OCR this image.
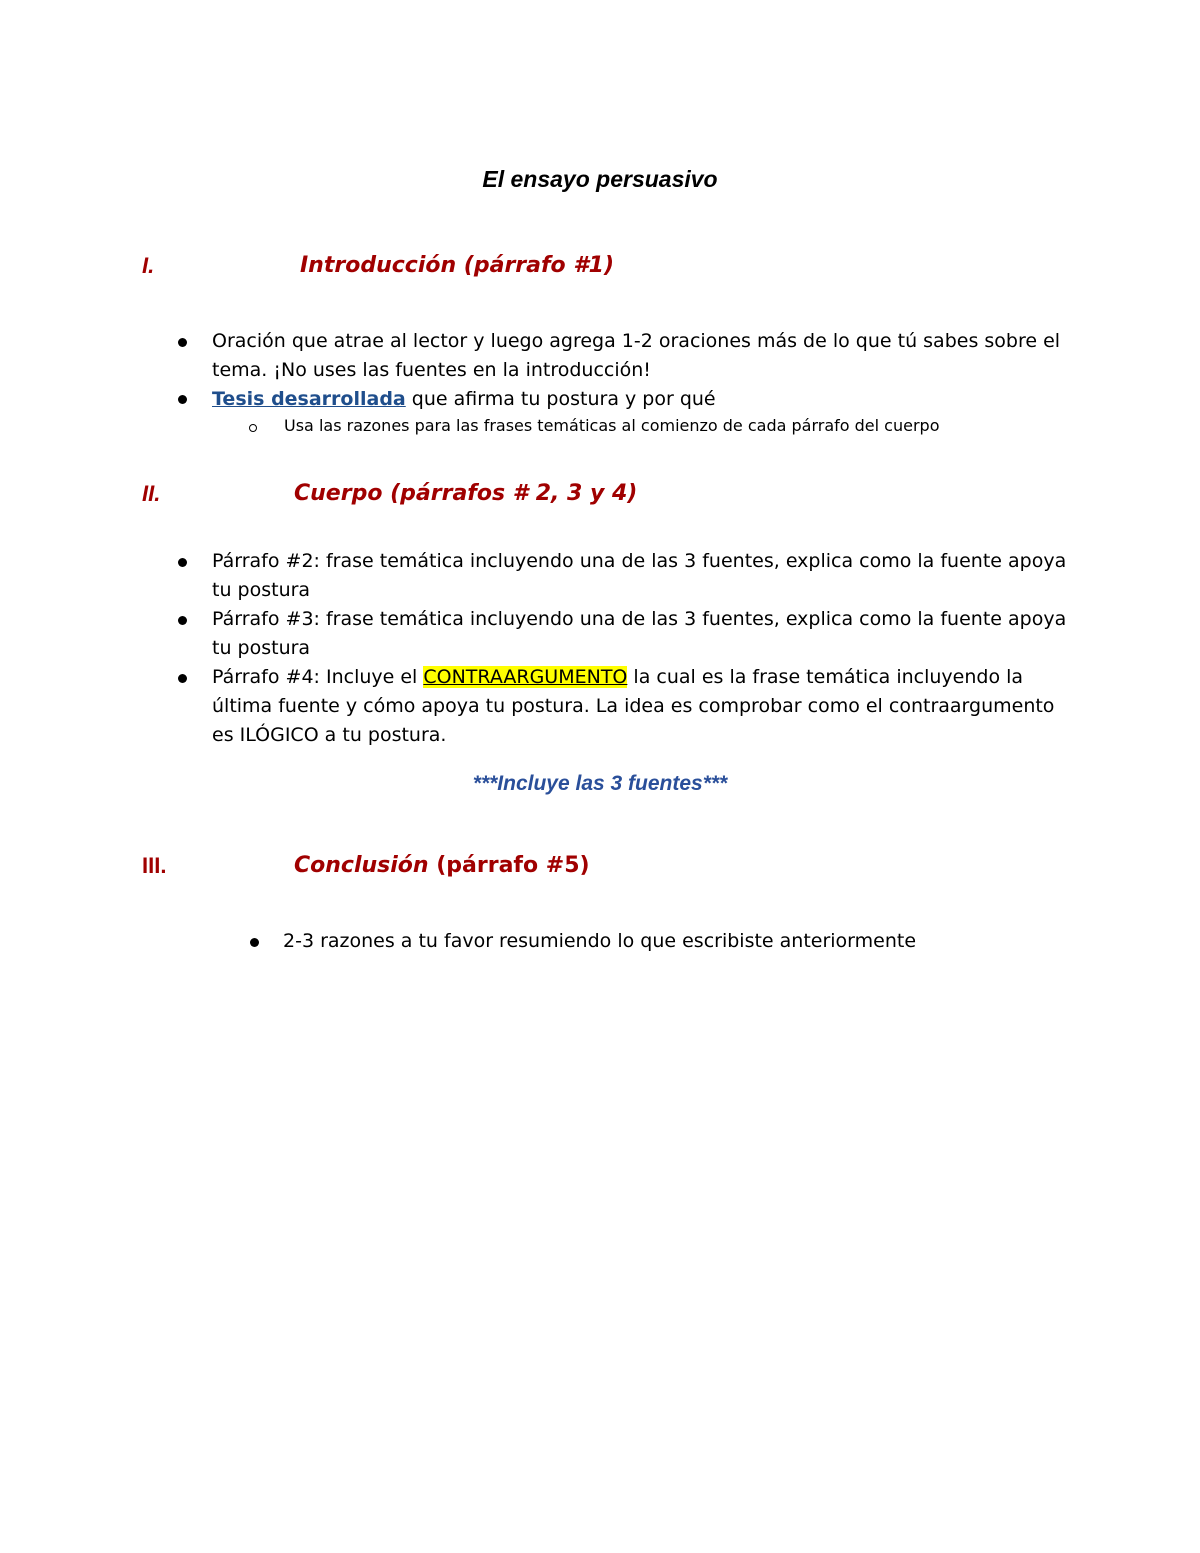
El ensayo persuasivo
I.	Introducción (párrafo #1)
Oración que atrae al lector y luego agrega 1-2 oraciones más de lo que tú sabes sobre el
tema. ¡No uses las fuentes en la introducción!
Tesis desarrollada que afirma tu postura y por qué
Usa las razones para las frases temáticas al comienzo de cada párrafo del cuerpo
II.	Cuerpo (párrafos # 2, 3 y 4)
Párrafo #2: frase temática incluyendo una de las 3 fuentes, explica como la fuente apoya
tu postura
Párrafo #3: frase temática incluyendo una de las 3 fuentes, explica como la fuente apoya
tu postura
Párrafo #4: Incluye el CONTRAARGUMENTO la cual es la frase temática incluyendo la
última fuente y cómo apoya tu postura. La idea es comprobar como el contraargumento
es ILÓGICO a tu postura.
***Incluye las 3 fuentes***
III.	Conclusión (párrafo #5)
2-3 razones a tu favor resumiendo lo que escribiste anteriormente
